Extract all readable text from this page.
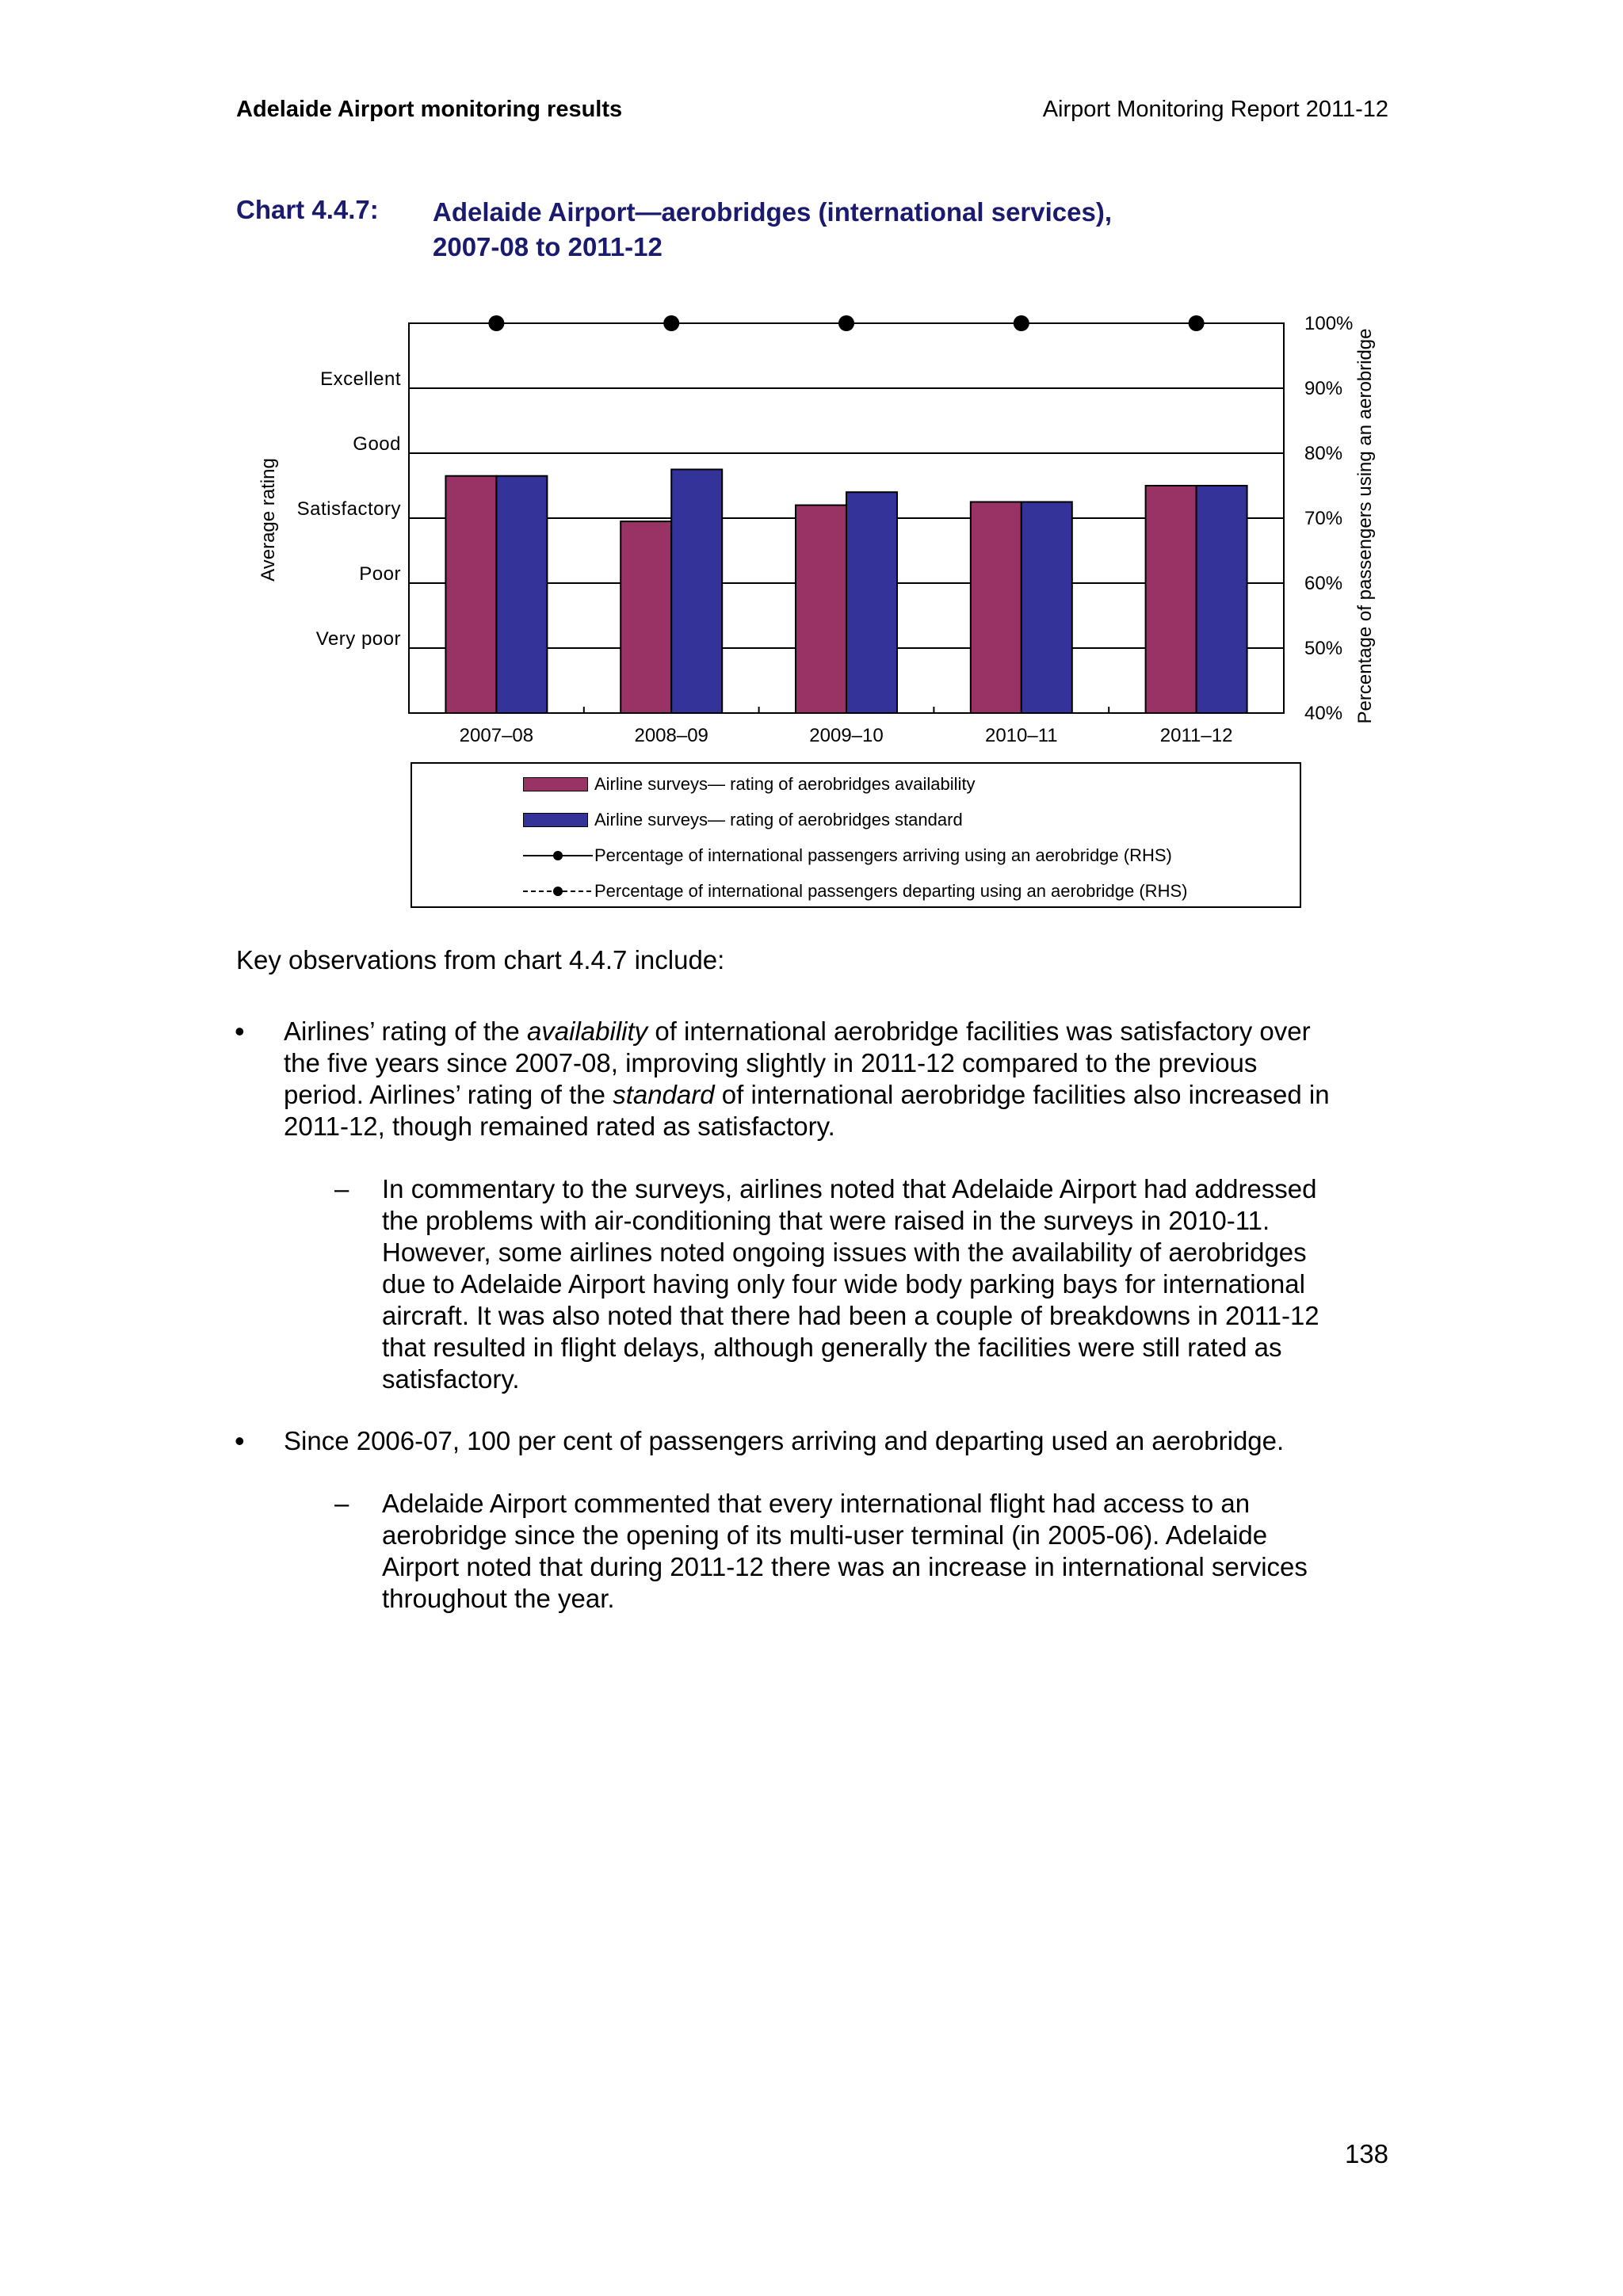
Adelaide Airport monitoring results	Airport Monitoring Report 2011-12
Chart 4.4.7: Adelaide Airport—aerobridges (international services),
2007-08 to 2011-12
Very poor
Poor
Satisfactory
Good
Excellent
40%
50%
60%
70%
80%
90%
100%
2007–08	2008–09	2009–10	2010–11	2011–12
Average rating	Percentage of passengers using an aerobridge
Airline surveys— rating of aerobridges availability
Airline surveys— rating of aerobridges standard
Percentage of international passengers arriving using an aerobridge (RHS)
Percentage of international passengers departing using an aerobridge (RHS)
Key observations from chart 4.4.7 include:
• Airlines’ rating of the availability of international aerobridge facilities was satisfactory over
the five years since 2007-08, improving slightly in 2011-12 compared to the previous
period. Airlines’ rating of the standard of international aerobridge facilities also increased in
2011-12, though remained rated as satisfactory.
– In commentary to the surveys, airlines noted that Adelaide Airport had addressed
the problems with air-conditioning that were raised in the surveys in 2010-11.
However, some airlines noted ongoing issues with the availability of aerobridges
due to Adelaide Airport having only four wide body parking bays for international
aircraft. It was also noted that there had been a couple of breakdowns in 2011-12
that resulted in flight delays, although generally the facilities were still rated as
satisfactory.
• Since 2006-07, 100 per cent of passengers arriving and departing used an aerobridge.
– Adelaide Airport commented that every international flight had access to an
aerobridge since the opening of its multi-user terminal (in 2005-06). Adelaide
Airport noted that during 2011-12 there was an increase in international services
throughout the year.
138
